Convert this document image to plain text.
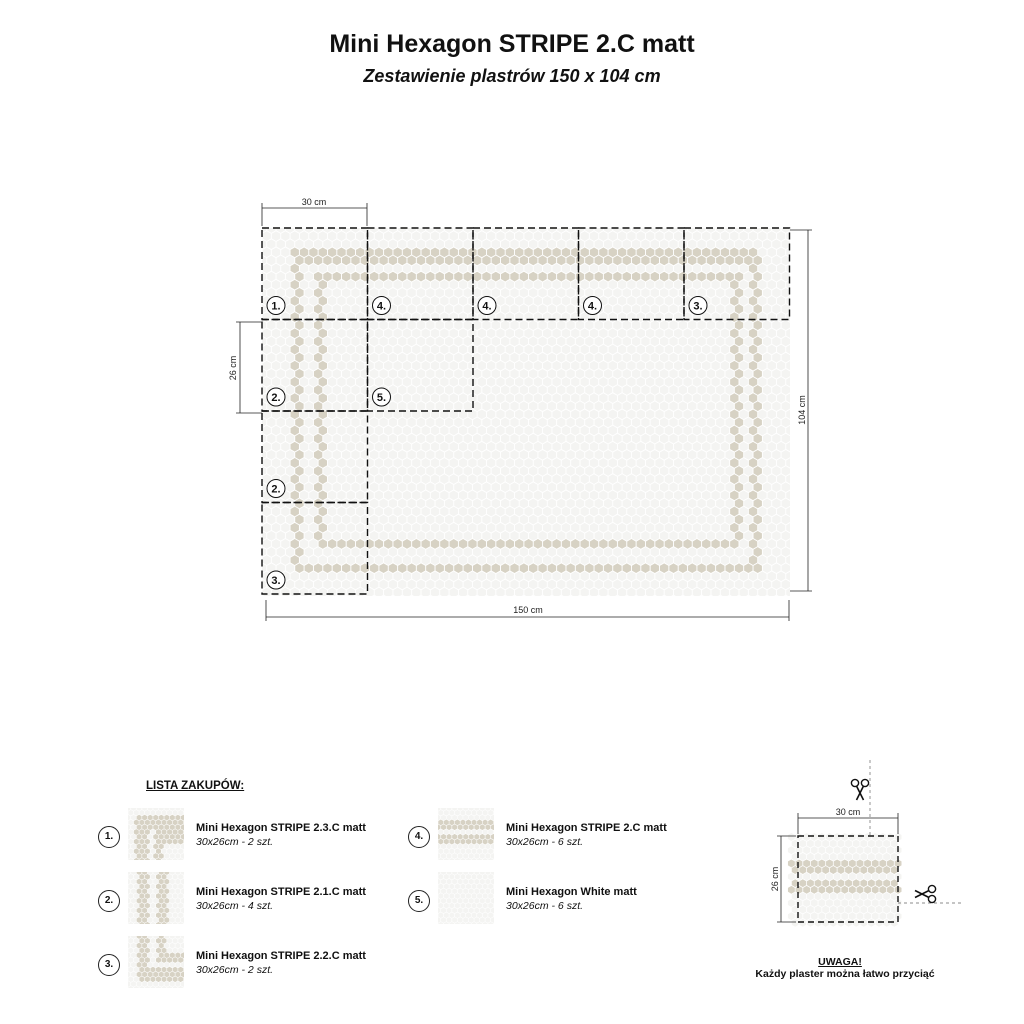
Mini Hexagon STRIPE 2.C matt

Zestawienie plastrów 150 x 104 cm

1.	4.	4.	4.	3.
2.	5.
2.
3.
30 cm
26 cm
150 cm
104 cm

LISTA ZAKUPÓW:

1.
Mini Hexagon STRIPE 2.3.C matt
30x26cm - 2 szt.
2.
Mini Hexagon STRIPE 2.1.C matt
30x26cm - 4 szt.
3.
Mini Hexagon STRIPE 2.2.C matt
30x26cm - 2 szt.
4.
Mini Hexagon STRIPE 2.C matt
30x26cm - 6 szt.
5.
Mini Hexagon White matt
30x26cm - 6 szt.
30 cm
26 cm
UWAGA!
Każdy plaster można łatwo przyciąć
